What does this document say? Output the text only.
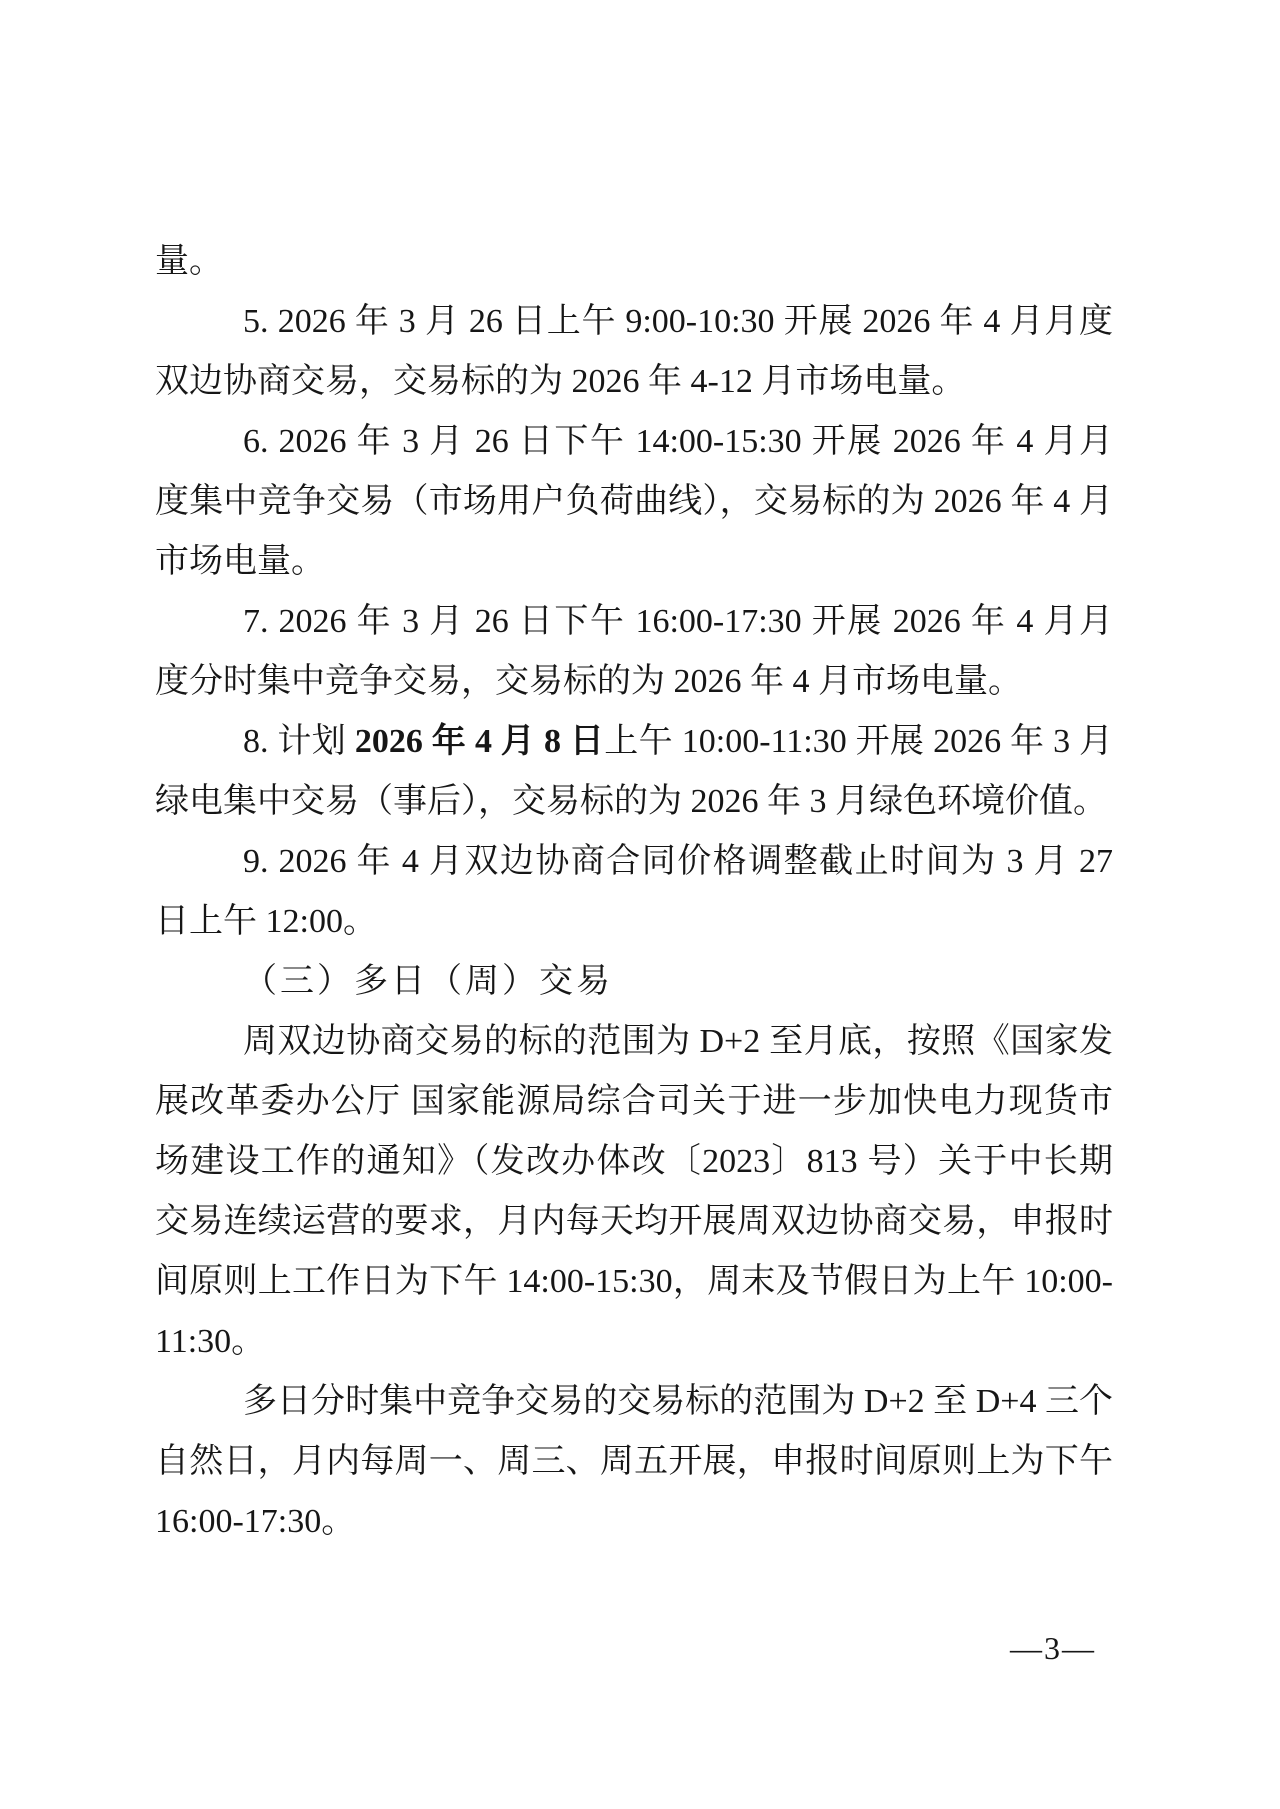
量。

5. 2026 年 3 月 26 日上午 9:00-10:30 开展 2026 年 4 月月度双边协商交易，交易标的为 2026 年 4-12 月市场电量。

6. 2026 年 3 月 26 日下午 14:00-15:30 开展 2026 年 4 月月度集中竞争交易（市场用户负荷曲线），交易标的为 2026 年 4 月市场电量。

7. 2026 年 3 月 26 日下午 16:00-17:30 开展 2026 年 4 月月度分时集中竞争交易，交易标的为 2026 年 4 月市场电量。

8. 计划 2026 年 4 月 8 日上午 10:00-11:30 开展 2026 年 3 月绿电集中交易（事后），交易标的为 2026 年 3 月绿色环境价值。

9. 2026 年 4 月双边协商合同价格调整截止时间为 3 月 27 日上午 12:00。

（三）多日（周）交易

周双边协商交易的标的范围为 D+2 至月底，按照《国家发展改革委办公厅 国家能源局综合司关于进一步加快电力现货市场建设工作的通知》（发改办体改〔2023〕813 号）关于中长期交易连续运营的要求，月内每天均开展周双边协商交易，申报时间原则上工作日为下午 14:00-15:30，周末及节假日为上午 10:00-11:30。

多日分时集中竞争交易的交易标的范围为 D+2 至 D+4 三个自然日，月内每周一、周三、周五开展，申报时间原则上为下午 16:00-17:30。

—3—
